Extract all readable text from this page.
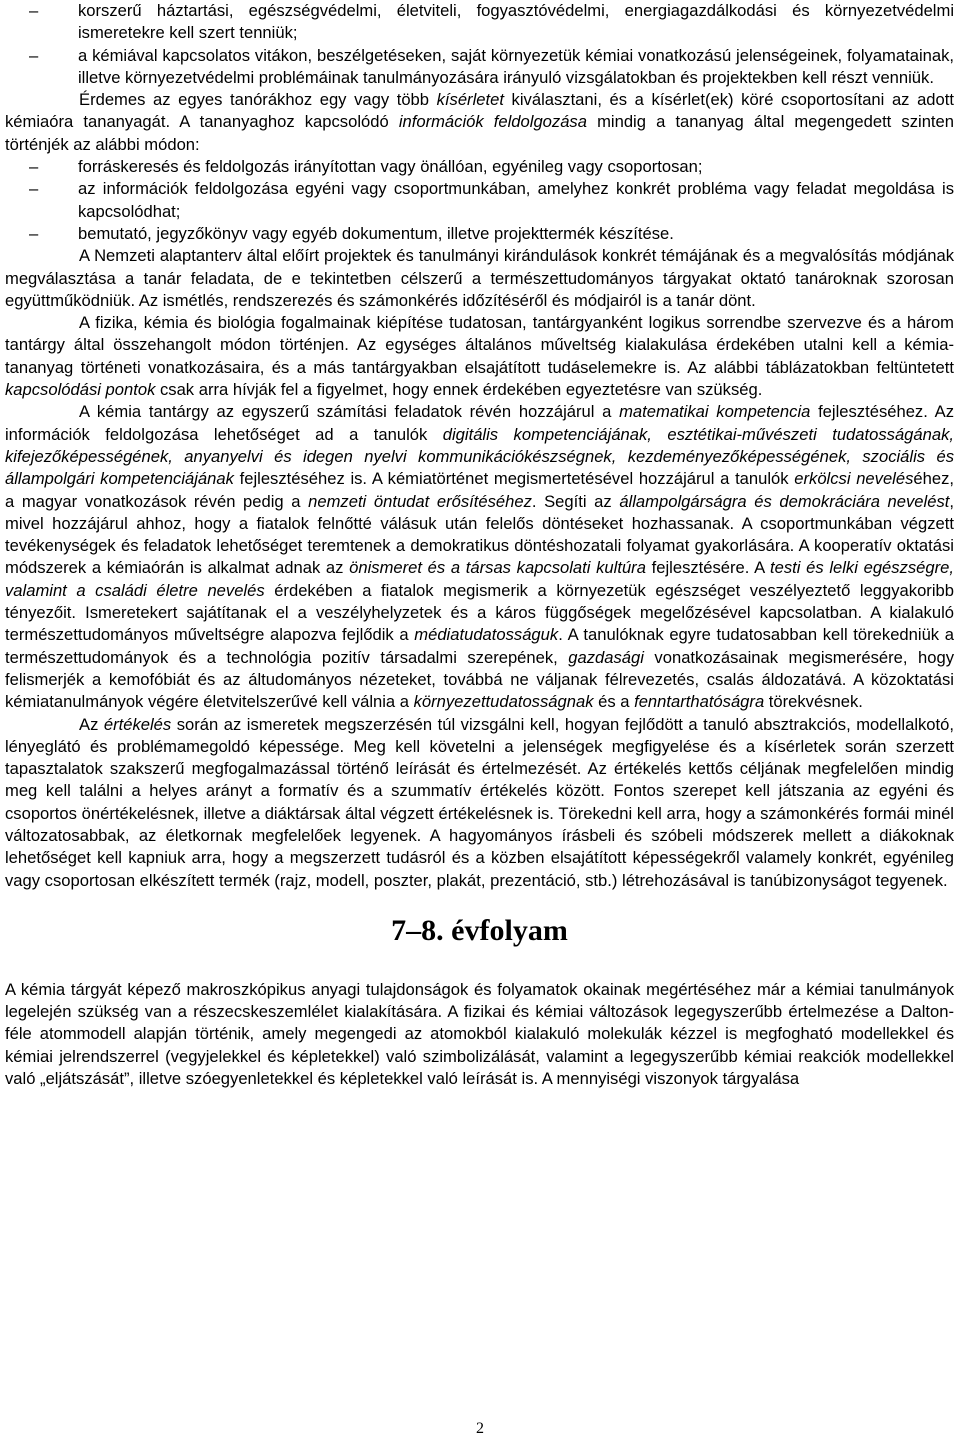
– korszerű háztartási, egészségvédelmi, életviteli, fogyasztóvédelmi, energiagazdálkodási és környezetvédelmi ismeretekre kell szert tenniük;
– a kémiával kapcsolatos vitákon, beszélgetéseken, saját környezetük kémiai vonatkozású jelenségeinek, folyamatainak, illetve környezetvédelmi problémáinak tanulmányozására irányuló vizsgálatokban és projektekben kell részt venniük.

Érdemes az egyes tanórákhoz egy vagy több kísérletet kiválasztani, és a kísérlet(ek) köré csoportosítani az adott kémiaóra tananyagát. A tananyaghoz kapcsolódó információk feldolgozása mindig a tananyag által megengedett szinten történjék az alábbi módon:

– forráskeresés és feldolgozás irányítottan vagy önállóan, egyénileg vagy csoportosan;
– az információk feldolgozása egyéni vagy csoportmunkában, amelyhez konkrét probléma vagy feladat megoldása is kapcsolódhat;
– bemutató, jegyzőkönyv vagy egyéb dokumentum, illetve projekttermék készítése.

A Nemzeti alaptanterv által előírt projektek és tanulmányi kirándulások konkrét témájának és a megvalósítás módjának megválasztása a tanár feladata, de e tekintetben célszerű a természettudományos tárgyakat oktató tanároknak szorosan együttműködniük. Az ismétlés, rendszerezés és számonkérés időzítéséről és módjairól is a tanár dönt.

A fizika, kémia és biológia fogalmainak kiépítése tudatosan, tantárgyanként logikus sorrendbe szervezve és a három tantárgy által összehangolt módon történjen. Az egységes általános műveltség kialakulása érdekében utalni kell a kémia-tananyag történeti vonatkozásaira, és a más tantárgyakban elsajátított tudáselemekre is. Az alábbi táblázatokban feltüntetett kapcsolódási pontok csak arra hívják fel a figyelmet, hogy ennek érdekében egyeztetésre van szükség.

A kémia tantárgy az egyszerű számítási feladatok révén hozzájárul a matematikai kompetencia fejlesztéséhez. Az információk feldolgozása lehetőséget ad a tanulók digitális kompetenciájának, esztétikai-művészeti tudatosságának, kifejezőképességének, anyanyelvi és idegen nyelvi kommunikációkészségnek, kezdeményezőképességének, szociális és állampolgári kompetenciájának fejlesztéséhez is. A kémiatörténet megismertetésével hozzájárul a tanulók erkölcsi neveléséhez, a magyar vonatkozások révén pedig a nemzeti öntudat erősítéséhez. Segíti az állampolgárságra és demokráciára nevelést, mivel hozzájárul ahhoz, hogy a fiatalok felnőtté válásuk után felelős döntéseket hozhassanak. A csoportmunkában végzett tevékenységek és feladatok lehetőséget teremtenek a demokratikus döntéshozatali folyamat gyakorlására. A kooperatív oktatási módszerek a kémiaórán is alkalmat adnak az önismeret és a társas kapcsolati kultúra fejlesztésére. A testi és lelki egészségre, valamint a családi életre nevelés érdekében a fiatalok megismerik a környezetük egészséget veszélyeztető leggyakoribb tényezőit. Ismeretekert sajátítanak el a veszélyhelyzetek és a káros függőségek megelőzésével kapcsolatban. A kialakuló természettudományos műveltségre alapozva fejlődik a médiatudatosságuk. A tanulóknak egyre tudatosabban kell törekedniük a természettudományok és a technológia pozitív társadalmi szerepének, gazdasági vonatkozásainak megismerésére, hogy felismerjék a kemofóbiát és az áltudományos nézeteket, továbbá ne váljanak félrevezetés, csalás áldozatává. A közoktatási kémiatanulmányok végére életvitelszerűvé kell válnia a környezettudatosságnak és a fenntarthatóságra törekvésnek.

Az értékelés során az ismeretek megszerzésén túl vizsgálni kell, hogyan fejlődött a tanuló absztrakciós, modellalkotó, lényeglátó és problémamegoldó képessége. Meg kell követelni a jelenségek megfigyelése és a kísérletek során szerzett tapasztalatok szakszerű megfogalmazással történő leírását és értelmezését. Az értékelés kettős céljának megfelelően mindig meg kell találni a helyes arányt a formatív és a szummatív értékelés között. Fontos szerepet kell játszania az egyéni és csoportos önértékelésnek, illetve a diáktársak által végzett értékelésnek is. Törekedni kell arra, hogy a számonkérés formái minél változatosabbak, az életkornak megfelelőek legyenek. A hagyományos írásbeli és szóbeli módszerek mellett a diákoknak lehetőséget kell kapniuk arra, hogy a megszerzett tudásról és a közben elsajátított képességekről valamely konkrét, egyénileg vagy csoportosan elkészített termék (rajz, modell, poszter, plakát, prezentáció, stb.) létrehozásával is tanúbizonyságot tegyenek.

7–8. évfolyam

A kémia tárgyát képező makroszkópikus anyagi tulajdonságok és folyamatok okainak megértéséhez már a kémiai tanulmányok legelején szükség van a részecskeszemlélet kialakítására. A fizikai és kémiai változások legegyszerűbb értelmezése a Dalton-féle atommodell alapján történik, amely megengedi az atomokból kialakuló molekulák kézzel is megfogható modellekkel és kémiai jelrendszerrel (vegyjelekkel és képletekkel) való szimbolizálását, valamint a legegyszerűbb kémiai reakciók modellekkel való „eljátszását”, illetve szóegyenletekkel és képletekkel való leírását is. A mennyiségi viszonyok tárgyalása

2
